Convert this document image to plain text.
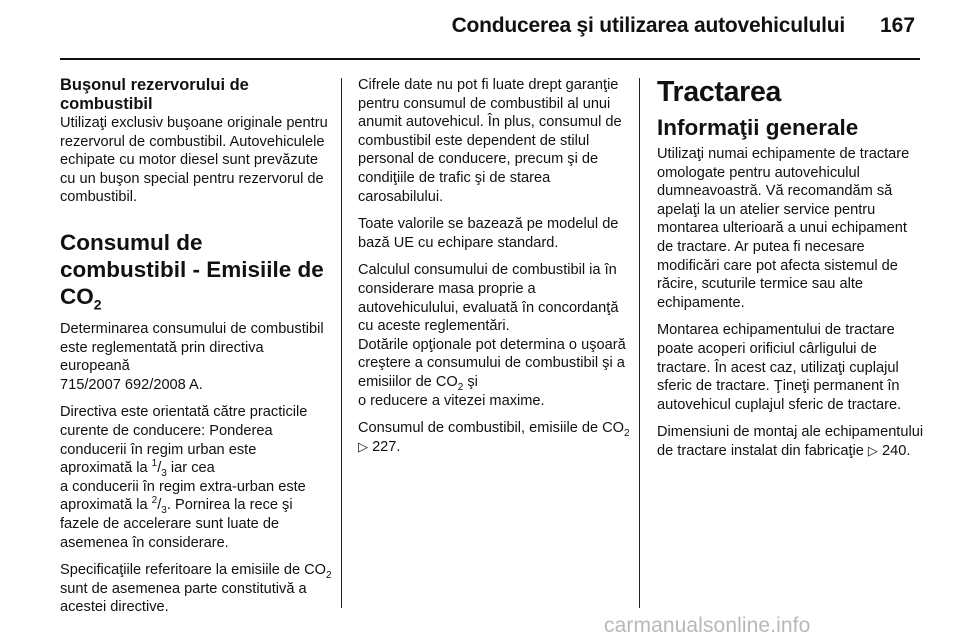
Conducerea şi utilizarea autovehiculului 167
Buşonul rezervorului de combustibil

Utilizaţi exclusiv buşoane originale pentru rezervorul de combustibil. Autovehiculele echipate cu motor diesel sunt prevăzute cu un buşon special pentru rezervorul de combustibil.

Consumul de combustibil - Emisiile de $CO_2$

Determinarea consumului de combustibil este reglementată prin directiva europeană
715/2007 692/2008 A.

Directiva este orientată către practicile curente de conducere: Ponderea conducerii în regim urban este aproximată la $^1/_3$ iar cea
a conducerii în regim extra-urban este aproximată la $^2/_3$. Pornirea la rece şi fazele de accelerare sunt luate de asemenea în considerare.

Specificaţiile referitoare la emisiile de $CO_2$ sunt de asemenea parte constitutivă a acestei directive.

Cifrele date nu pot fi luate drept garanţie pentru consumul de combustibil al unui anumit autovehicul. În plus, consumul de combustibil este dependent de stilul personal de conducere, precum şi de condiţiile de trafic şi de starea carosabilului.

Toate valorile se bazează pe modelul de bază UE cu echipare standard.

Calculul consumului de combustibil ia în considerare masa proprie a autovehiculului, evaluată în concordanţă cu aceste reglementări.

Dotările opţionale pot determina o uşoară creştere a consumului de combustibil şi a emisiilor de $CO_2$ şi
o reducere a vitezei maxime.

Consumul de combustibil, emisiile de $CO_2$ ▷ 227.

Tractarea
Informaţii generale

Utilizaţi numai echipamente de tractare omologate pentru autovehiculul dumneavoastră. Vă recomandăm să apelaţi la un atelier service pentru montarea ulterioară a unui echipament de tractare. Ar putea fi necesare modificări care pot afecta sistemul de răcire, scuturile termice sau alte echipamente.

Montarea echipamentului de tractare poate acoperi orificiul cârligului de tractare. În acest caz, utilizaţi cuplajul sferic de tractare. Ţineţi permanent în autovehicul cuplajul sferic de tractare.

Dimensiuni de montaj ale echipamentului de tractare instalat din fabricaţie ▷ 240.

carmanualsonline.info
